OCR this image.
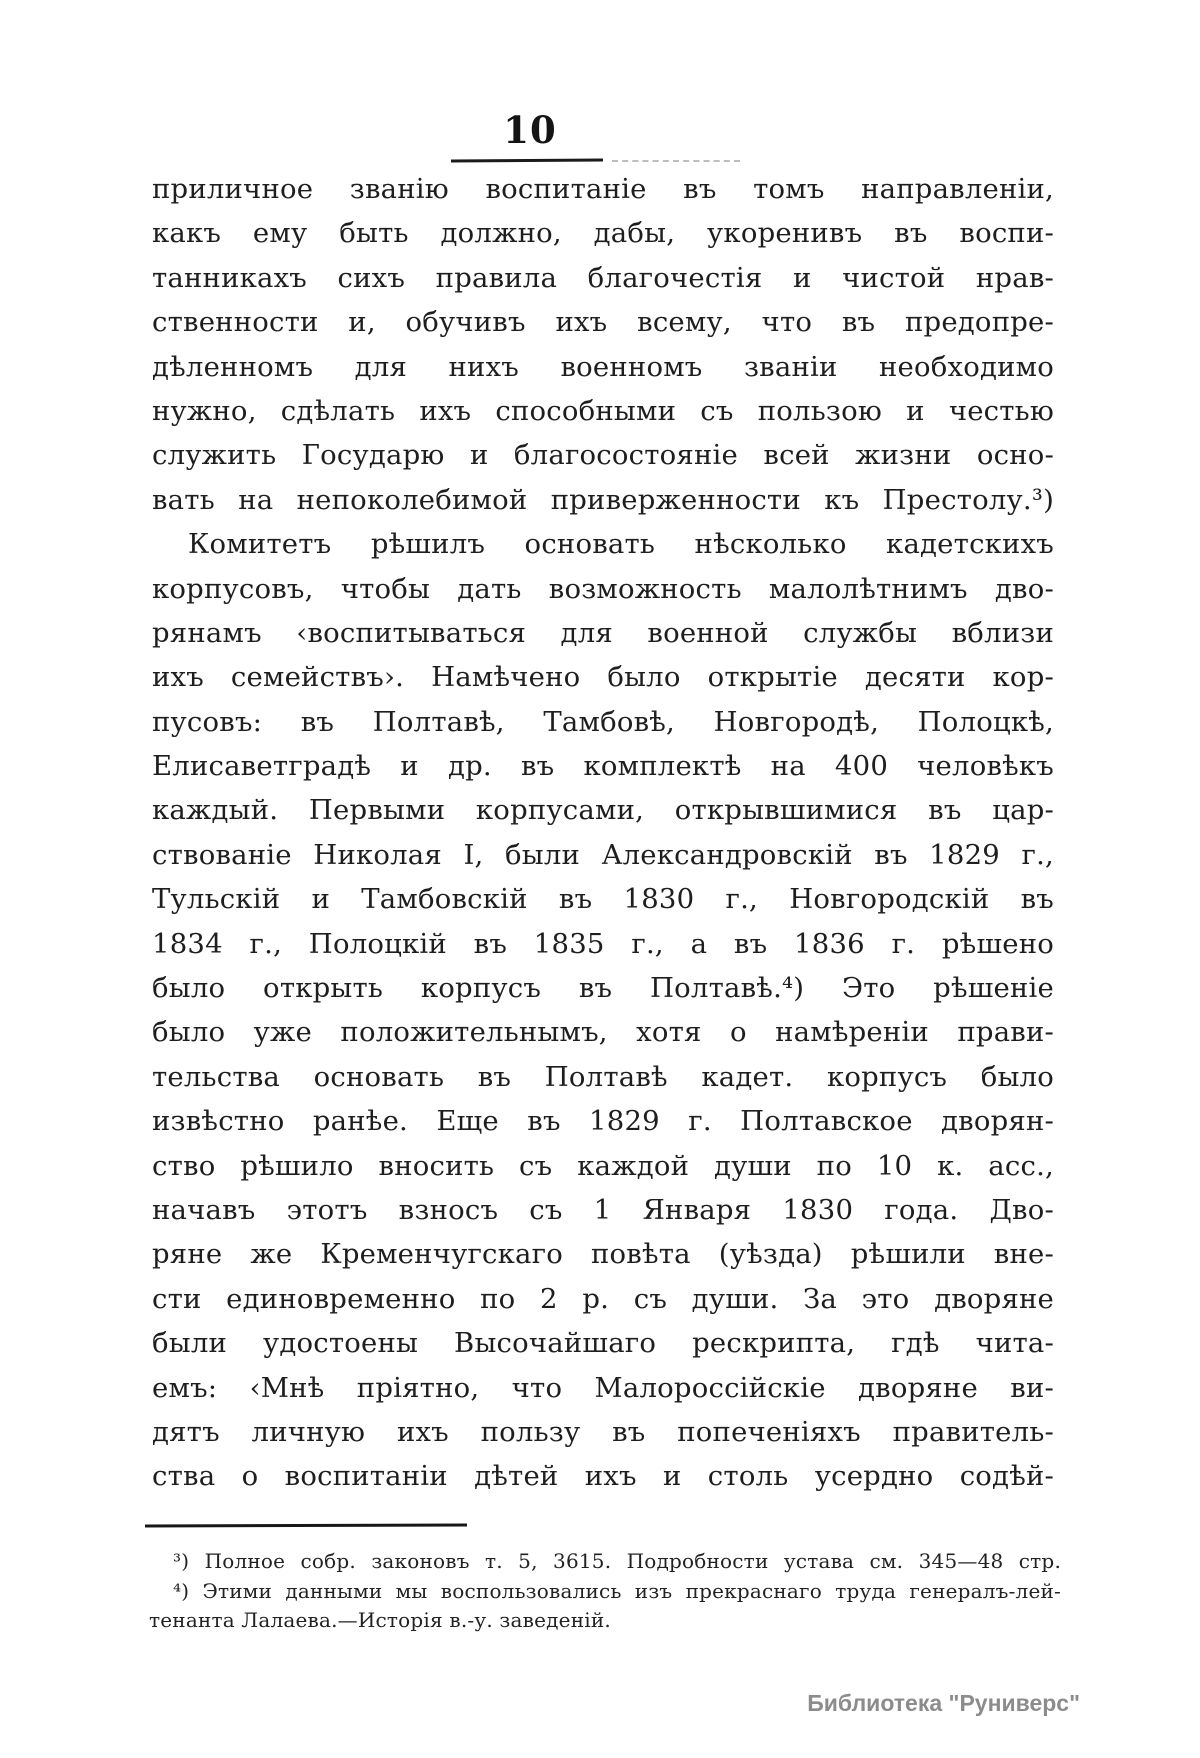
10
приличное званію воспитаніе въ томъ направленіи,
какъ ему быть должно, дабы, укоренивъ въ воспи-
танникахъ сихъ правила благочестія и чистой нрав-
ственности и, обучивъ ихъ всему, что въ предопре-
дѣленномъ для нихъ военномъ званіи необходимо
нужно, сдѣлать ихъ способными съ пользою и честью
служить Государю и благосостояніе всей жизни осно-
вать на непоколебимой приверженности къ Престолу.³)
Комитетъ рѣшилъ основать нѣсколько кадетскихъ
корпусовъ, чтобы дать возможность малолѣтнимъ дво-
рянамъ ‹воспитываться для военной службы вблизи
ихъ семействъ›. Намѣчено было открытіе десяти кор-
пусовъ: въ Полтавѣ, Тамбовѣ, Новгородѣ, Полоцкѣ,
Елисаветградѣ и др. въ комплектѣ на 400 человѣкъ
каждый. Первыми корпусами, открывшимися въ цар-
ствованіе Николая I, были Александровскій въ 1829 г.,
Тульскій и Тамбовскій въ 1830 г., Новгородскій въ
1834 г., Полоцкій въ 1835 г., а въ 1836 г. рѣшено
было открыть корпусъ въ Полтавѣ.⁴) Это рѣшеніе
было уже положительнымъ, хотя о намѣреніи прави-
тельства основать въ Полтавѣ кадет. корпусъ было
извѣстно ранѣе. Еще въ 1829 г. Полтавское дворян-
ство рѣшило вносить съ каждой души по 10 к. асс.,
начавъ этотъ взносъ съ 1 Января 1830 года. Дво-
ряне же Кременчугскаго повѣта (уѣзда) рѣшили вне-
сти единовременно по 2 р. съ души. За это дворяне
были удостоены Высочайшаго рескрипта, гдѣ чита-
емъ: ‹Мнѣ пріятно, что Малороссійскіе дворяне ви-
дятъ личную ихъ пользу въ попеченіяхъ правитель-
ства о воспитаніи дѣтей ихъ и столь усердно содѣй-
³) Полное собр. законовъ т. 5, 3615. Подробности устава см. 345—48 стр.
⁴) Этими данными мы воспользовались изъ прекраснаго труда генералъ-лей-
тенанта Лалаева.—Исторія в.-у. заведеній.
Библиотека "Руниверс"
